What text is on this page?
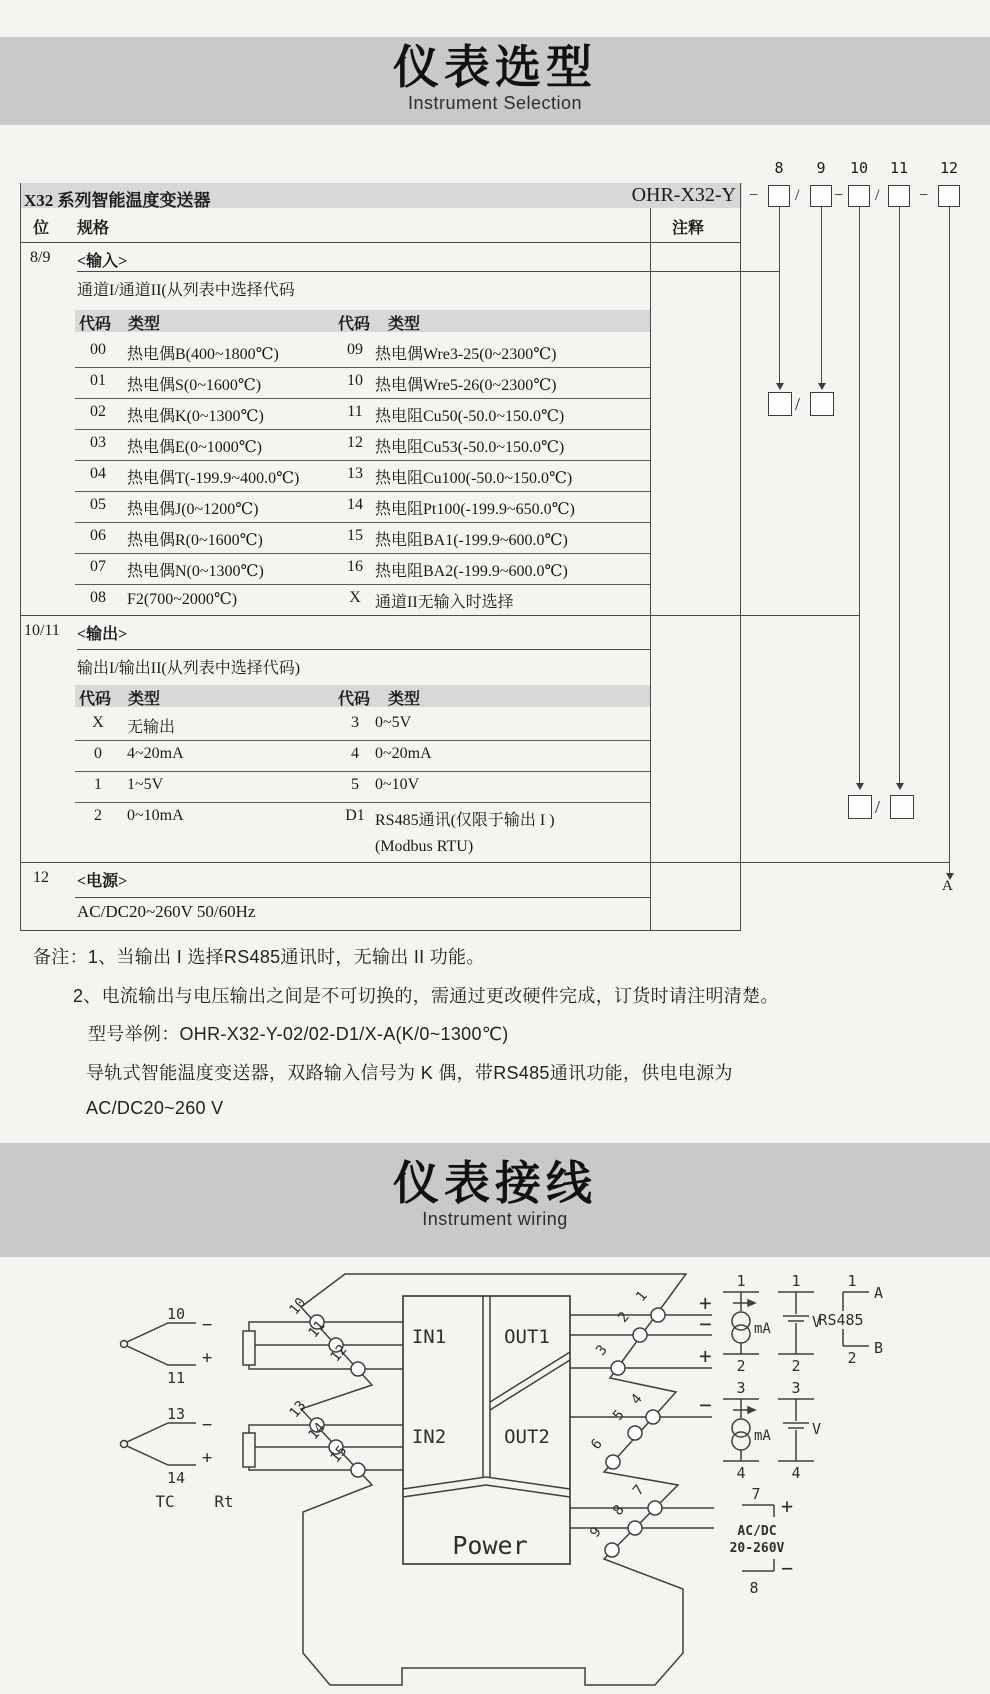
仪表选型
Instrument Selection
8	9	10 11 12
X32 系列智能温度变送器	OHR-X32-Y − / − / −
/
/
A
位 规格	注释
8/9 <输入>
通道I/通道II(从列表中选择代码
代码 类型	代码 类型
00	热电偶B(400~1800℃)	09 热电偶Wre3-25(0~2300℃)
01	热电偶S(0~1600℃)	10 热电偶Wre5-26(0~2300℃)
02	热电偶K(0~1300℃)	11 热电阻Cu50(-50.0~150.0℃)
03	热电偶E(0~1000℃)	12 热电阻Cu53(-50.0~150.0℃)
04	热电偶T(-199.9~400.0℃)	13 热电阻Cu100(-50.0~150.0℃)
05	热电偶J(0~1200℃)	14 热电阻Pt100(-199.9~650.0℃)
06	热电偶R(0~1600℃)	15 热电阻BA1(-199.9~600.0℃)
07	热电偶N(0~1300℃)	16 热电阻BA2(-199.9~600.0℃)
08	F2(700~2000℃)	X 通道II无输入时选择
10/11 <输出>
输出I/输出II(从列表中选择代码)
代码 类型	代码 类型
X	无输出	3	0~5V
0	4~20mA	4	0~20mA
1	1~5V	5	0~10V
2	0~10mA	D1 RS485通讯(仅限于输出 I )
(Modbus RTU)
12 <电源>
AC/DC20~260V 50/60Hz
备注：1、当输出 I 选择RS485通讯时，无输出 II 功能。
2、电流输出与电压输出之间是不可切换的，需通过更改硬件完成，订货时请注明清楚。
型号举例：OHR-X32-Y-02/02-D1/X-A(K/0~1300℃)
导轨式智能温度变送器，双路输入信号为 K 偶，带RS485通讯功能，供电电源为
AC/DC20~260 V
仪表接线
Instrument wiring
IN1	OUT1
IN2	OUT2
Power
10
−
+
11
13
−
+
14
TC Rt
10
11
12
13
14
15
1
2
3
4
5
6
7
8
9
+
−
+
−
1
2
mA
1
2
V
1
2
RS485
A
B
3
4
mA
3
4
V
7 +
AC/DC
20-260V
−
8
